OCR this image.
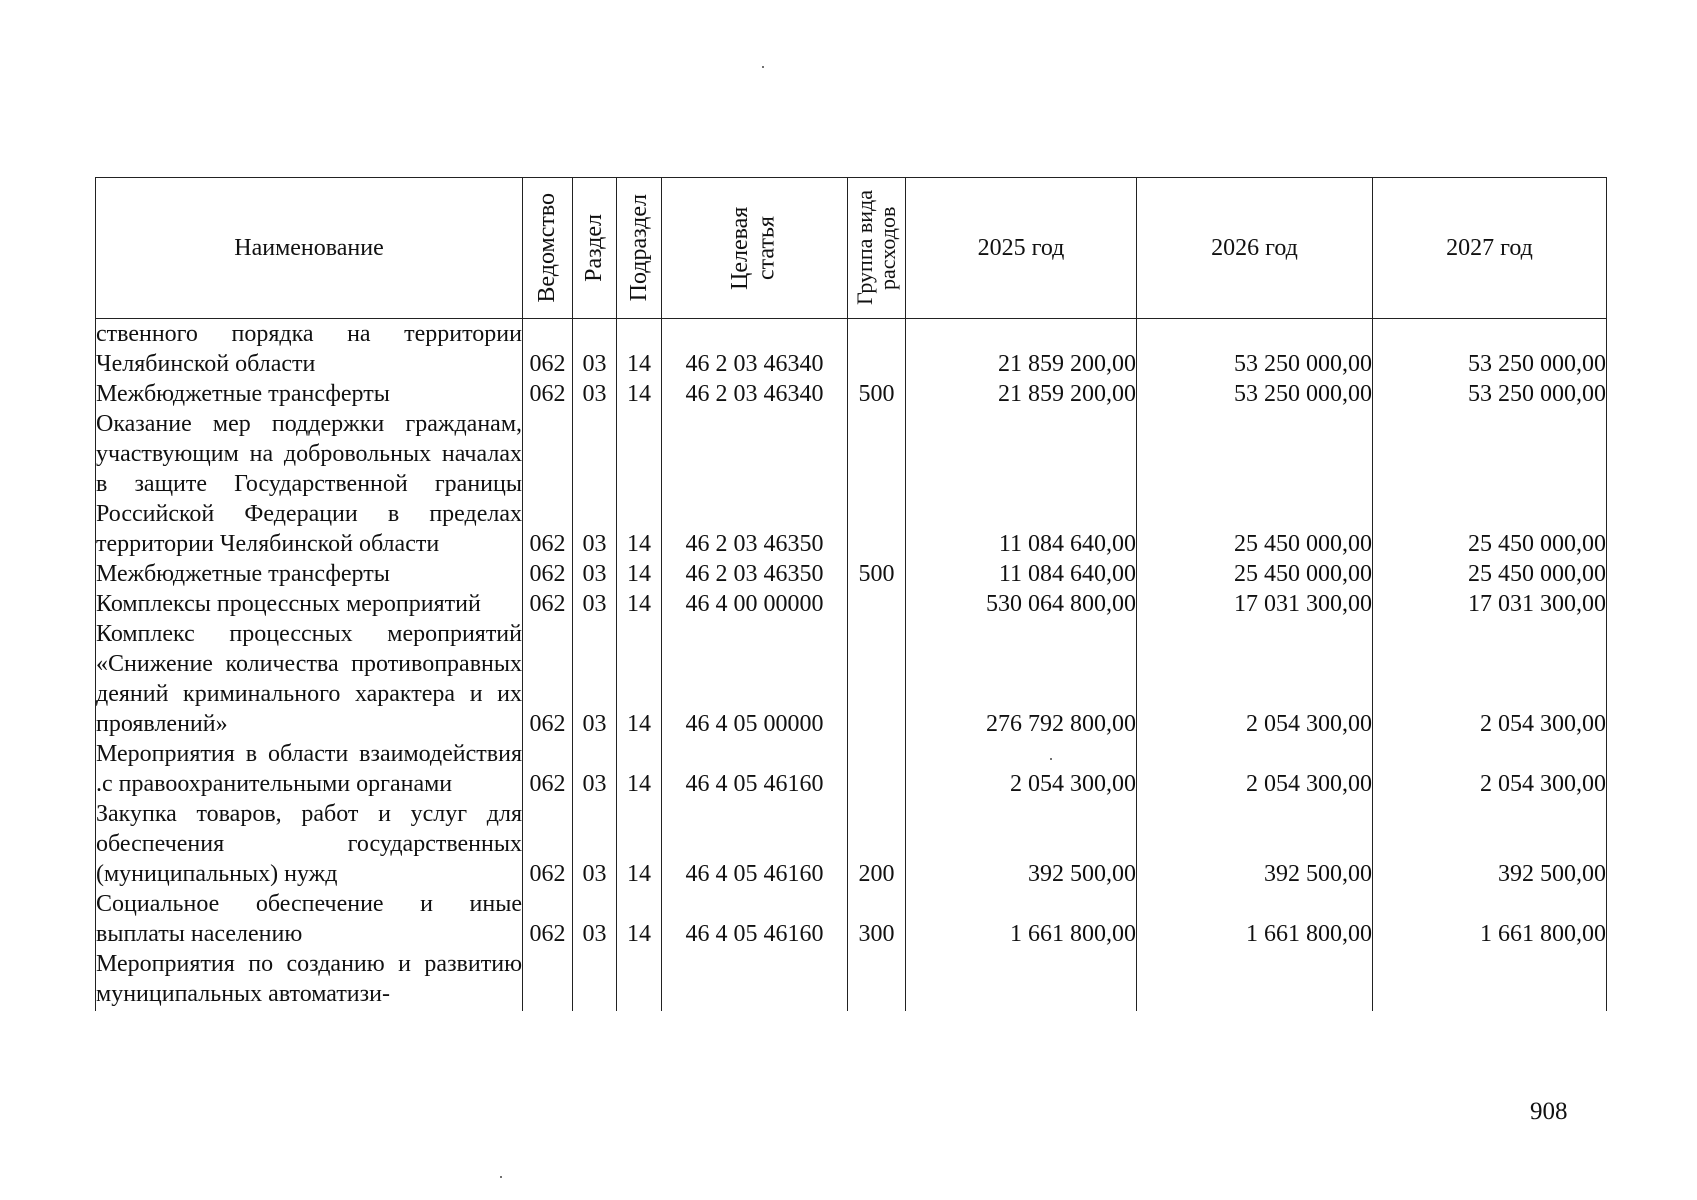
Наименование	Ведомство	Раздел	Подраздел	Целевая статья	Группа вида расходов	2025 год	2026 год	2027 год
ственного порядка на территории Челябинской области	062	03	14	46 2 03 46340		21 859 200,00	53 250 000,00	53 250 000,00
Межбюджетные трансферты	062	03	14	46 2 03 46340	500	21 859 200,00	53 250 000,00	53 250 000,00
Оказание мер поддержки гражданам, участвующим на добровольных началах в защите Государственной границы Российской Федерации в пределах территории Челябинской области	062	03	14	46 2 03 46350		11 084 640,00	25 450 000,00	25 450 000,00
Межбюджетные трансферты	062	03	14	46 2 03 46350	500	11 084 640,00	25 450 000,00	25 450 000,00
Комплексы процессных мероприятий	062	03	14	46 4 00 00000		530 064 800,00	17 031 300,00	17 031 300,00
Комплекс процессных мероприятий «Снижение количества противоправных деяний криминального характера и их проявлений»	062	03	14	46 4 05 00000		276 792 800,00	2 054 300,00	2 054 300,00
Мероприятия в области взаимодействия .с правоохранительными органами	062	03	14	46 4 05 46160		2 054 300,00	2 054 300,00	2 054 300,00
Закупка товаров, работ и услуг для обеспечения государственных (муниципальных) нужд	062	03	14	46 4 05 46160	200	392 500,00	392 500,00	392 500,00
Социальное обеспечение и иные выплаты населению	062	03	14	46 4 05 46160	300	1 661 800,00	1 661 800,00	1 661 800,00
Мероприятия по созданию и развитию муниципальных автоматизи-								
908
